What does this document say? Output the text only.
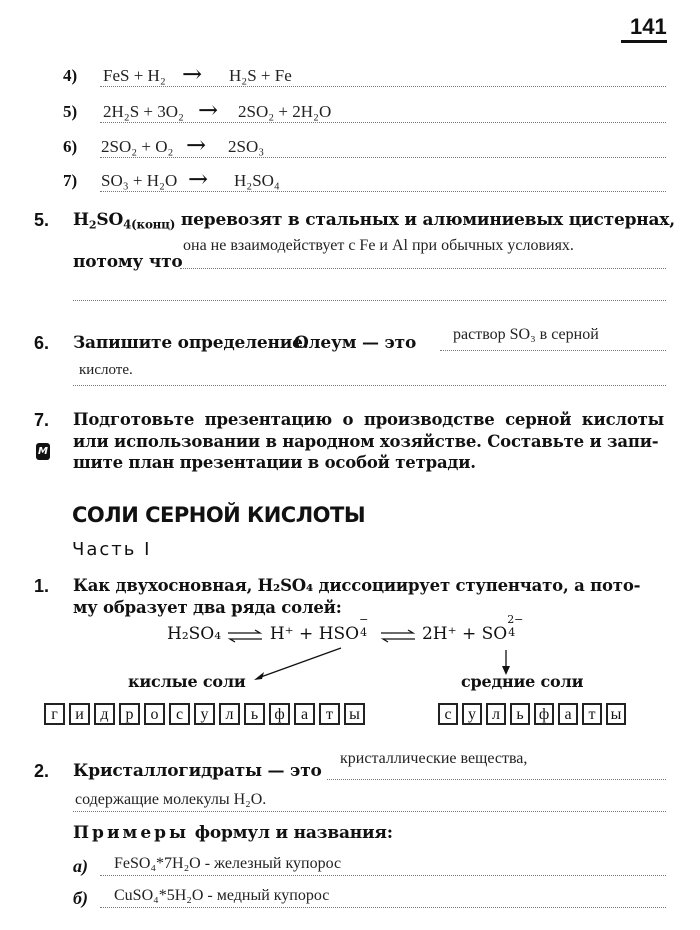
141
4) FeS + H₂ → H₂S + Fe
5) 2H₂S + 3O₂ → 2SO₂ + 2H₂O
6) 2SO₂ + O₂ → 2SO₃
7) SO₃ + H₂O → H₂SO₄
5. $H_2SO_{4(конц)}$ перевозят в стальных и алюминиевых цистернах,
потому что
она не взаимодействует с Fe и Al при обычных условиях.
6. Запишите определение.
Олеум — это раствор SO₃ в серной
кислоте.
7.
М
Подготовьте презентацию о производстве серной кислоты
или использовании в народном хозяйстве. Составьте и запи-
шите план презентации в особой тетради.
СОЛИ СЕРНОЙ КИСЛОТЫ
Часть I
1. Как двухосновная, H₂SO₄ диссоциирует ступенчато, а пото-
му образует два ряда солей:
H₂SO₄ ⇌ H⁺ + HSO
−
4 ⇌ 2H⁺ + SO
2−
4
кислые соли	средние соли
г	и	д	р	о	с	у	л	ь	ф	а	т	ы	с	у	л	ь ф а	т ы
2. Кристаллогидраты — это
кристаллические вещества,
содержащие молекулы H₂O.
Примеры формул и названия:
а) FeSO₄*7H₂O - железный купорос
б) CuSO₄*5H₂O - медный купорос
